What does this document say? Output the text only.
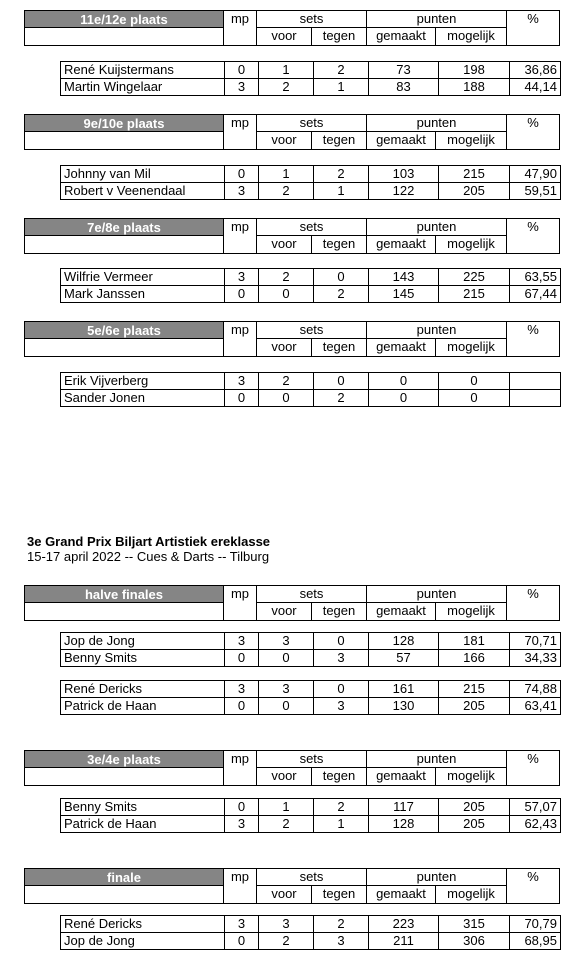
11e/12e plaats	mp	sets
voor	tegen
punten
gemaakt	mogelijk
%
René Kuijstermans	0	1	2	73	198	36,86
Martin Wingelaar	3	2	1	83	188	44,14
9e/10e plaats	mp	sets
voor	tegen
punten
gemaakt	mogelijk
%
Johnny van Mil	0	1	2	103	215	47,90
Robert v Veenendaal	3	2	1	122	205	59,51
7e/8e plaats	mp	sets
voor	tegen
punten
gemaakt	mogelijk
%
Wilfrie Vermeer	3	2	0	143	225	63,55
Mark Janssen	0	0	2	145	215	67,44
5e/6e plaats	mp	sets
voor	tegen
punten
gemaakt	mogelijk
%
Erik Vijverberg	3	2	0	0	0	
Sander Jonen	0	0	2	0	0	
halve finales	mp	sets
voor	tegen
punten
gemaakt	mogelijk
%
Jop de Jong	3	3	0	128	181	70,71
Benny Smits	0	0	3	57	166	34,33
René Dericks	3	3	0	161	215	74,88
Patrick de Haan	0	0	3	130	205	63,41
3e/4e plaats	mp	sets
voor	tegen
punten
gemaakt	mogelijk
%
Benny Smits	0	1	2	117	205	57,07
Patrick de Haan	3	2	1	128	205	62,43
finale	mp	sets
voor	tegen
punten
gemaakt	mogelijk
%
René Dericks	3	3	2	223	315	70,79
Jop de Jong	0	2	3	211	306	68,95
3e Grand Prix Biljart Artistiek ereklasse
15-17 april 2022 -- Cues & Darts -- Tilburg
